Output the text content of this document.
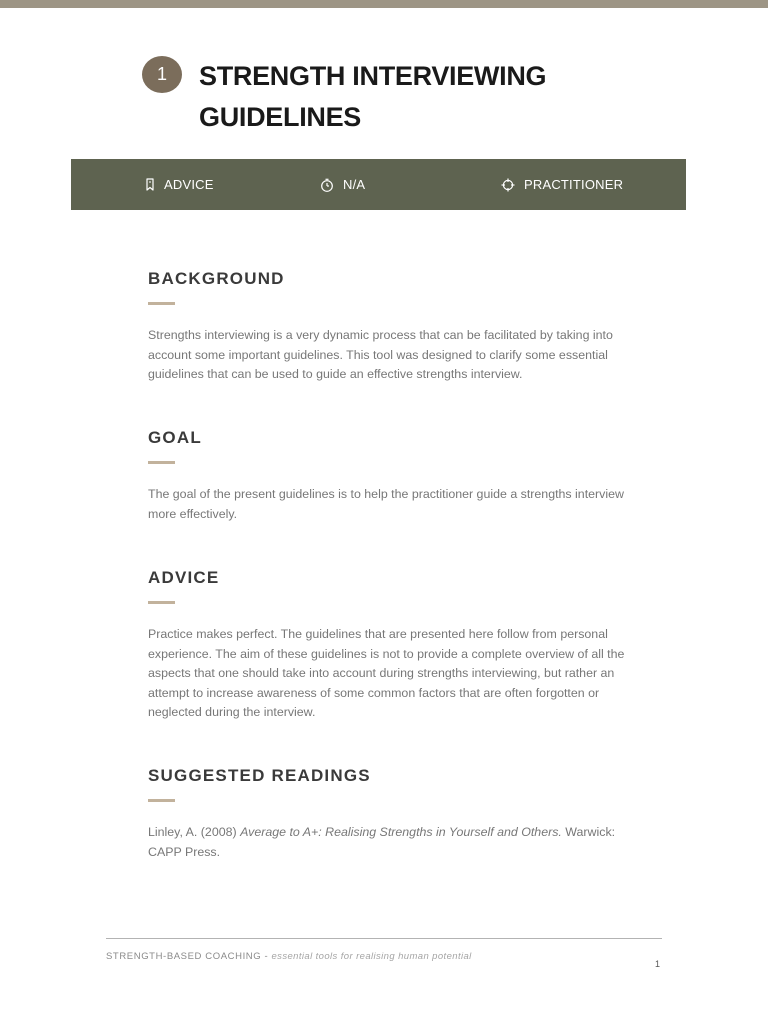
1	STRENGTH INTERVIEWING GUIDELINES
ADVICE	N/A	PRACTITIONER
BACKGROUND

Strengths interviewing is a very dynamic process that can be facilitated by taking into account some important guidelines. This tool was designed to clarify some essential guidelines that can be used to guide an effective strengths interview.

GOAL

The goal of the present guidelines is to help the practitioner guide a strengths interview more effectively.

ADVICE

Practice makes perfect. The guidelines that are presented here follow from personal experience. The aim of these guidelines is not to provide a complete overview of all the aspects that one should take into account during strengths interviewing, but rather an attempt to increase awareness of some common factors that are often forgotten or neglected during the interview.

SUGGESTED READINGS

Linley, A. (2008) Average to A+: Realising Strengths in Yourself and Others. Warwick: CAPP Press.

STRENGTH-BASED COACHING - essential tools for realising human potential
1
